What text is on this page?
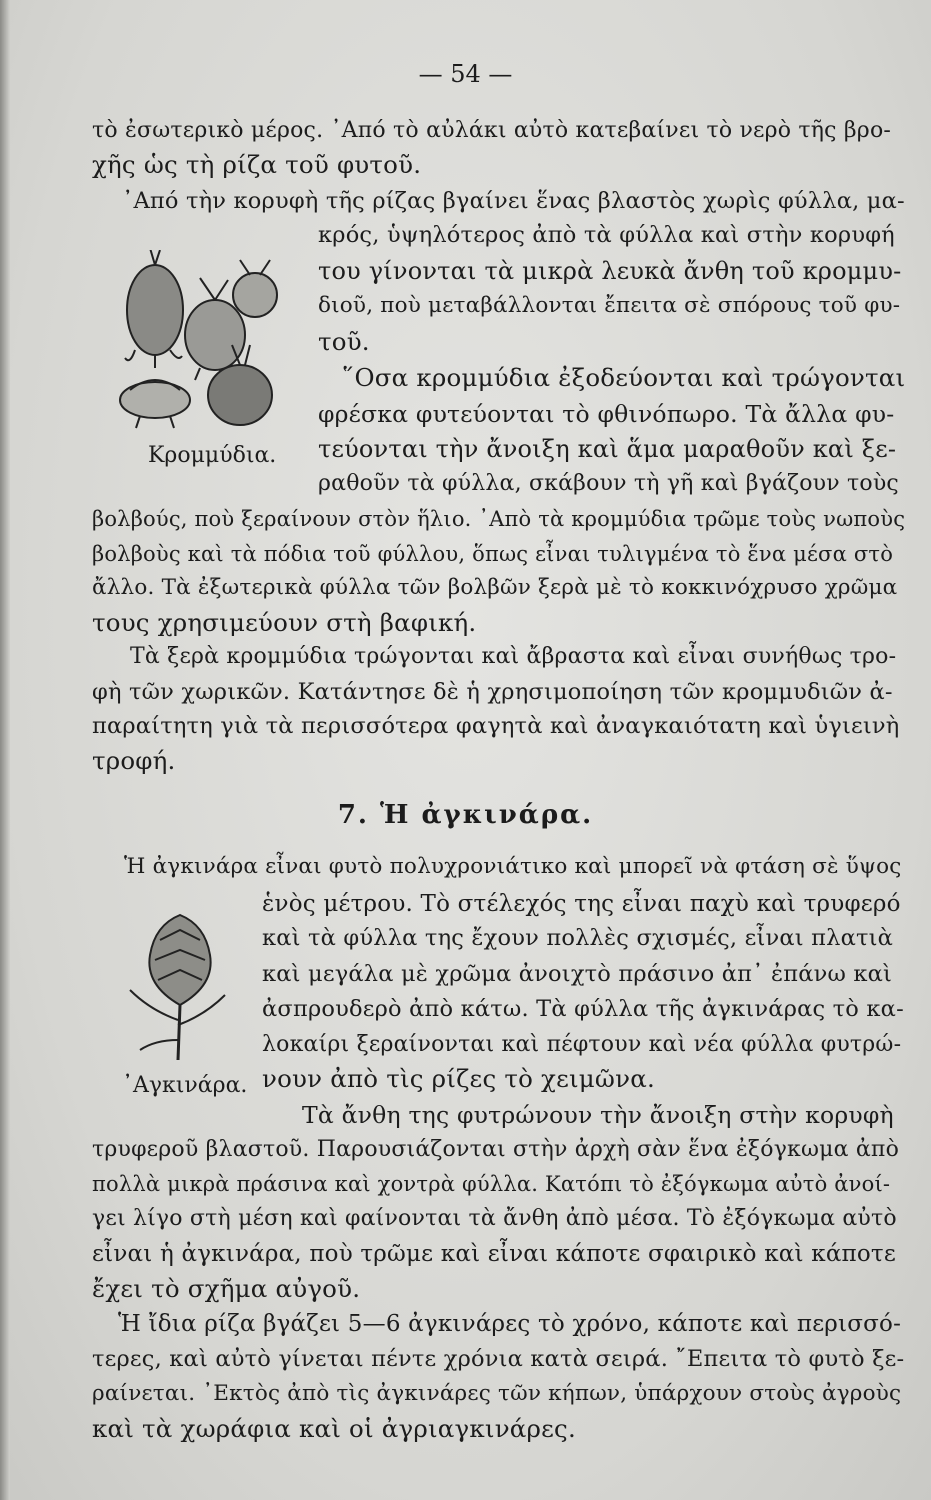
— 54 —
τὸ ἐσωτερικὸ μέρος. ᾿Από τὸ αὐλάκι αὐτὸ κατεβαίνει τὸ νερὸ τῆς βρο-
χῆς ὡς τὴ ρίζα τοῦ φυτοῦ.
᾿Από τὴν κορυφὴ τῆς ρίζας βγαίνει ἕνας βλαστὸς χωρὶς φύλλα, μα-
Κρομμύδια.
κρός, ὑψηλότερος ἀπὸ τὰ φύλλα καὶ στὴν κορυφή
του γίνονται τὰ μικρὰ λευκὰ ἄνθη τοῦ κρομμυ-
διοῦ, ποὺ μεταβάλλονται ἔπειτα σὲ σπόρους τοῦ φυ-
τοῦ.
῞Οσα κρομμύδια ἐξοδεύονται καὶ τρώγονται
φρέσκα φυτεύονται τὸ φθινόπωρο. Τὰ ἄλλα φυ-
τεύονται τὴν ἄνοιξη καὶ ἅμα μαραθοῦν καὶ ξε-
ραθοῦν τὰ φύλλα, σκάβουν τὴ γῆ καὶ βγάζουν τοὺς
βολβούς, ποὺ ξεραίνουν στὸν ἥλιο. ᾿Απὸ τὰ κρομμύδια τρῶμε τοὺς νωποὺς
βολβοὺς καὶ τὰ πόδια τοῦ φύλλου, ὅπως εἶναι τυλιγμένα τὸ ἕνα μέσα στὸ
ἄλλο. Τὰ ἐξωτερικὰ φύλλα τῶν βολβῶν ξερὰ μὲ τὸ κοκκινόχρυσο χρῶμα
τους χρησιμεύουν στὴ βαφική.
Τὰ ξερὰ κρομμύδια τρώγονται καὶ ἄβραστα καὶ εἶναι συνήθως τρο-
φὴ τῶν χωρικῶν. Κατάντησε δὲ ἡ χρησιμοποίηση τῶν κρομμυδιῶν ἀ-
παραίτητη γιὰ τὰ περισσότερα φαγητὰ καὶ ἀναγκαιότατη καὶ ὑγιεινὴ
τροφή.
7. Ἡ ἀγκινάρα.
Ἡ ἀγκινάρα εἶναι φυτὸ πολυχρονιάτικο καὶ μπορεῖ νὰ φτάση σὲ ὕψος
ἑνὸς μέτρου. Τὸ στέλεχός της εἶναι παχὺ καὶ τρυφερό
καὶ τὰ φύλλα της ἔχουν πολλὲς σχισμές, εἶναι πλατιὰ
καὶ μεγάλα μὲ χρῶμα ἀνοιχτὸ πράσινο ἀπ᾿ ἐπάνω καὶ
ἀσπρουδερὸ ἀπὸ κάτω. Τὰ φύλλα τῆς ἀγκινάρας τὸ κα-
λοκαίρι ξεραίνονται καὶ πέφτουν καὶ νέα φύλλα φυτρώ-
νουν ἀπὸ τὶς ρίζες τὸ χειμῶνα.
Τὰ ἄνθη της φυτρώνουν τὴν ἄνοιξη στὴν κορυφὴ
᾿Αγκινάρα.
τρυφεροῦ βλαστοῦ. Παρουσιάζονται στὴν ἀρχὴ σὰν ἕνα ἐξόγκωμα ἀπὸ
πολλὰ μικρὰ πράσινα καὶ χοντρὰ φύλλα. Κατόπι τὸ ἐξόγκωμα αὐτὸ ἀνοί-
γει λίγο στὴ μέση καὶ φαίνονται τὰ ἄνθη ἀπὸ μέσα. Τὸ ἐξόγκωμα αὐτὸ
εἶναι ἡ ἀγκινάρα, ποὺ τρῶμε καὶ εἶναι κάποτε σφαιρικὸ καὶ κάποτε
ἔχει τὸ σχῆμα αὐγοῦ.
Ἡ ἴδια ρίζα βγάζει 5—6 ἀγκινάρες τὸ χρόνο, κάποτε καὶ περισσό-
τερες, καὶ αὐτὸ γίνεται πέντε χρόνια κατὰ σειρά. ῎Επειτα τὸ φυτὸ ξε-
ραίνεται. ᾿Εκτὸς ἀπὸ τὶς ἀγκινάρες τῶν κήπων, ὑπάρχουν στοὺς ἀγροὺς
καὶ τὰ χωράφια καὶ οἱ ἀγριαγκινάρες.
